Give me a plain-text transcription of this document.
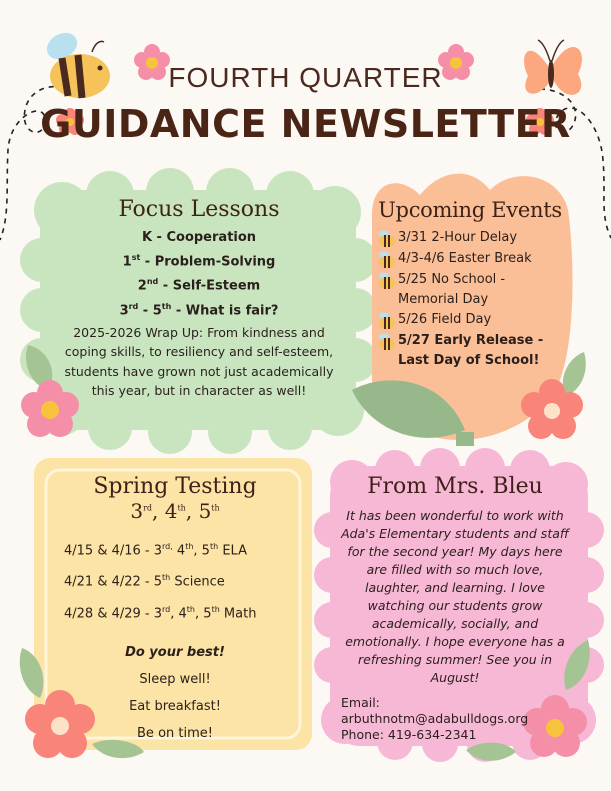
FOURTH QUARTER
GUIDANCE NEWSLETTER
Focus Lessons
K - Cooperation
1st - Problem-Solving
2nd - Self-Esteem
3rd - 5th - What is fair?
2025-2026 Wrap Up: From kindness and coping skills, to resiliency and self-esteem, students have grown not just academically this year, but in character as well!
Upcoming Events
3/31 2-Hour Delay
4/3-4/6 Easter Break
5/25 No School - Memorial Day
5/26 Field Day
5/27 Early Release - Last Day of School!
Spring Testing
3rd, 4th, 5th
4/15 & $4/16 - 3^{rd,}$ 4th, 5th ELA
4/21 & 4/22 - 5th Science
4/28 & 4/29 - 3rd, 4th, 5th Math
Do your best!
Sleep well!
Eat breakfast!
Be on time!
From Mrs. Bleu
It has been wonderful to work with Ada's Elementary students and staff for the second year! My days here are filled with so much love, laughter, and learning. I love watching our students grow academically, socially, and emotionally. I hope everyone has a refreshing summer! See you in August!
Email:
arbuthnotm@adabulldogs.org
Phone: 419-634-2341
